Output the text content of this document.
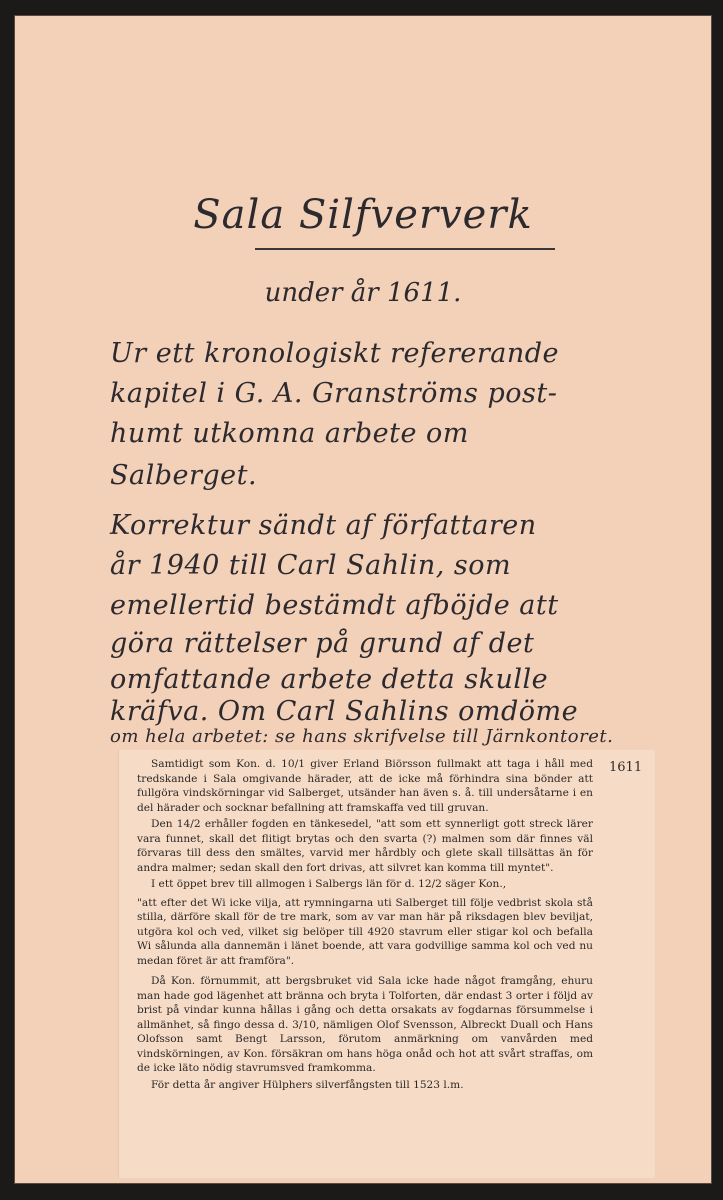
Sala Silfververk
under år 1611.
Ur ett kronologiskt refererande
kapitel i G. A. Granströms post-
humt utkomna arbete om
Salberget.
Korrektur sändt af författaren
år 1940 till Carl Sahlin, som
emellertid bestämdt afböjde att
göra rättelser på grund af det
omfattande arbete detta skulle
kräfva. Om Carl Sahlins omdöme
om hela arbetet: se hans skrifvelse till Järnkontoret.
1611

Samtidigt som Kon. d. 10/1 giver Erland Biörsson fullmakt att taga i håll med tredskande i Sala omgivande härader, att de icke må förhindra sina bönder att fullgöra vindskörningar vid Salberget, utsänder han även s. å. till undersåtarne i en del härader och socknar befallning att framskaffa ved till gruvan.

Den 14/2 erhåller fogden en tänkesedel, "att som ett synnerligt gott streck lärer vara funnet, skall det flitigt brytas och den svarta (?) malmen som där finnes väl förvaras till dess den smältes, varvid mer hårdbly och glete skall tillsättas än för andra malmer; sedan skall den fort drivas, att silvret kan komma till myntet".

I ett öppet brev till allmogen i Salbergs län för d. 12/2 säger Kon.,

"att efter det Wi icke vilja, att rymningarna uti Salberget till följe vedbrist skola stå stilla, därföre skall för de tre mark, som av var man här på riksdagen blev beviljat, utgöra kol och ved, vilket sig belöper till 4920 stavrum eller stigar kol och befalla Wi sålunda alla dannemän i länet boende, att vara godvillige samma kol och ved nu medan föret är att framföra".

Då Kon. förnummit, att bergsbruket vid Sala icke hade något framgång, ehuru man hade god lägenhet att bränna och bryta i Tolforten, där endast 3 orter i följd av brist på vindar kunna hållas i gång och detta orsakats av fogdarnas försummelse i allmänhet, så fingo dessa d. 3/10, nämligen Olof Svensson, Albreckt Duall och Hans Olofsson samt Bengt Larsson, förutom anmärkning om vanvården med vindskörningen, av Kon. försäkran om hans höga onåd och hot att svårt straffas, om de icke läto nödig stavrumsved framkomma.

För detta år angiver Hülphers silverfångsten till 1523 l.m.
